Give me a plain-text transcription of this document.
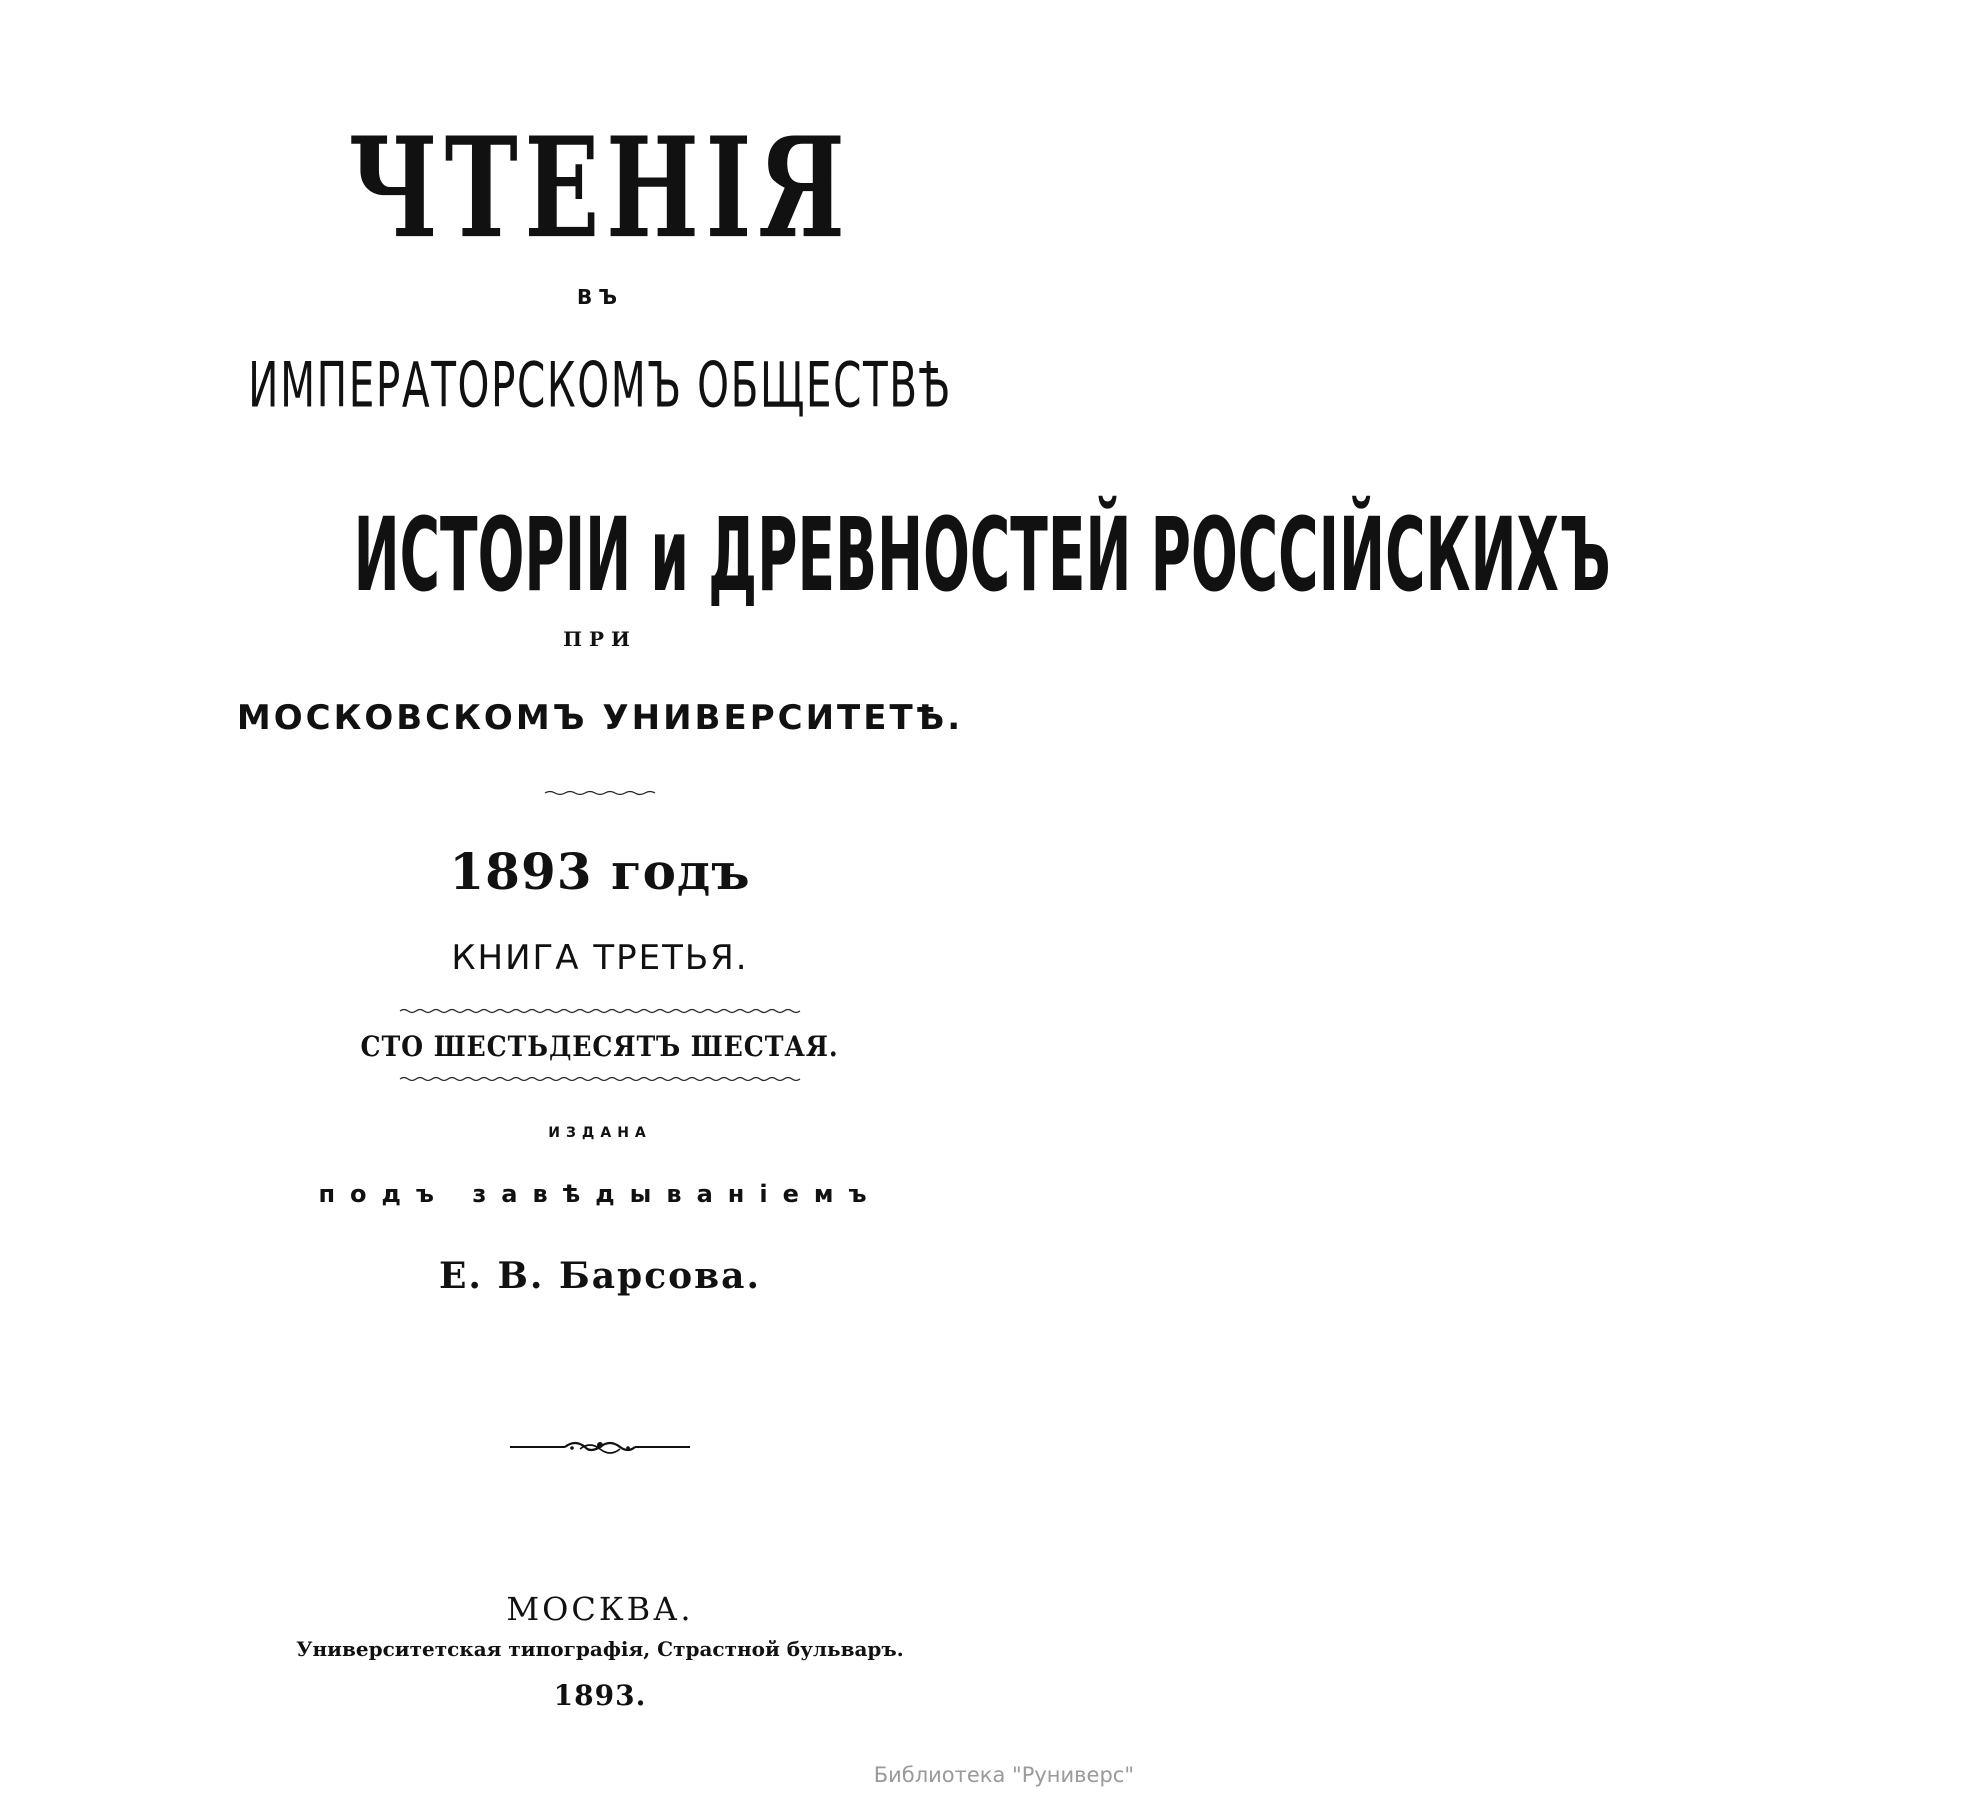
ЧТЕНІЯ
ВЪ
ИМПЕРАТОРСКОМЪ ОБЩЕСТВѢ
ИСТОРІИ и ДРЕВНОСТЕЙ РОССІЙСКИХЪ
ПРИ
МОСКОВСКОМЪ УНИВЕРСИТЕТѢ.
1893 годъ
КНИГА ТРЕТЬЯ.
СТО ШЕСТЬДЕСЯТЪ ШЕСТАЯ.
ИЗДАНА
подъ завѣдываніемъ
Е. В. Барсова.
МОСКВА.
Университетская типографія, Страстной бульваръ.
1893.
Библиотека "Руниверс"
